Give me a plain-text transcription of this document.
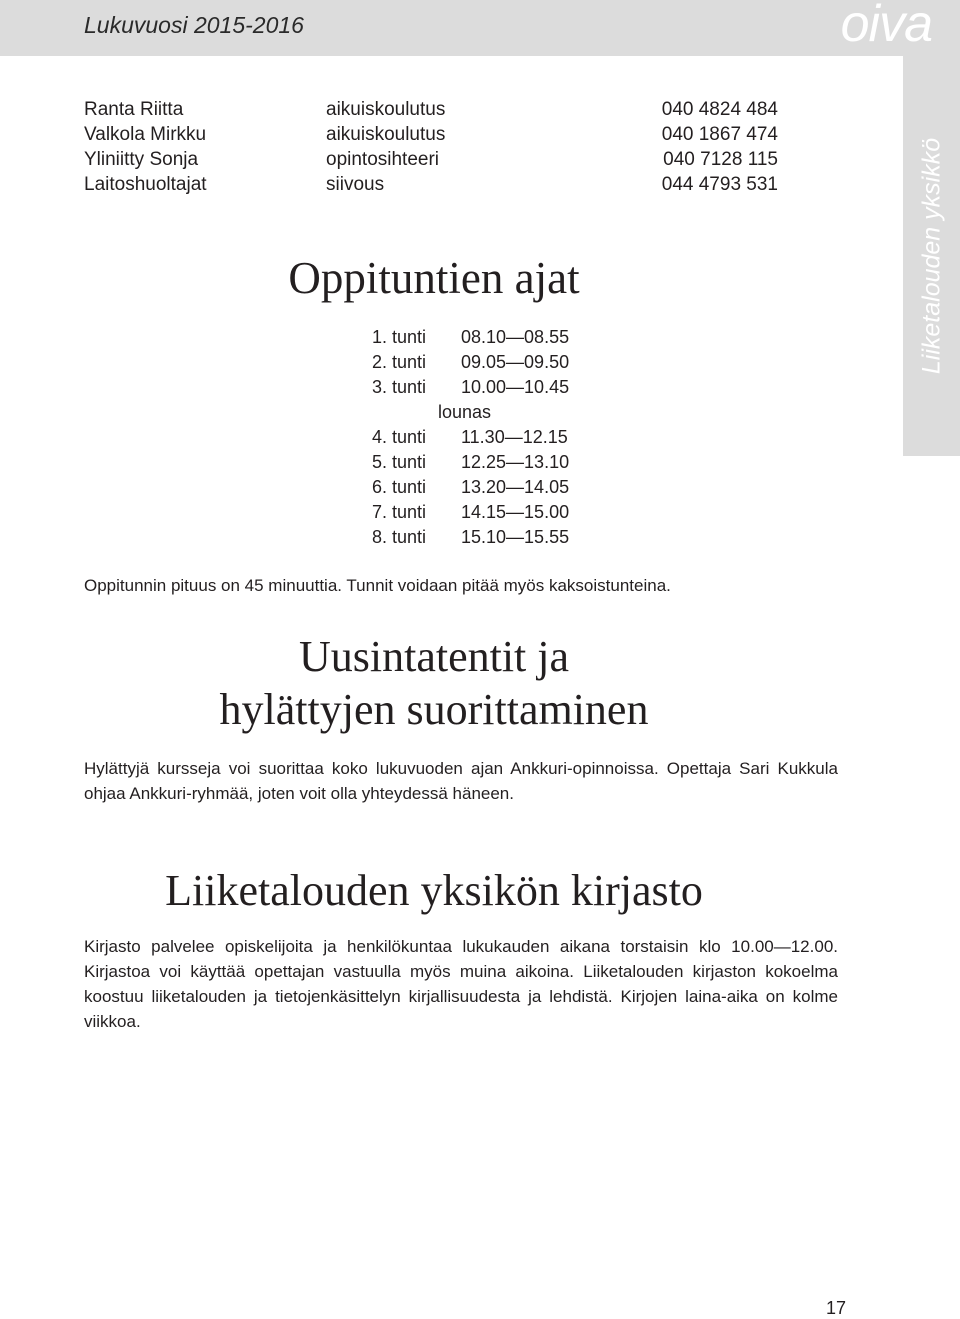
Lukuvuosi 2015-2016	oiva
Liiketalouden yksikkö
Ranta Riitta	aikuiskoulutus	040 4824 484
Valkola Mirkku	aikuiskoulutus	040 1867 474
Yliniitty Sonja	opintosihteeri	040 7128 115
Laitoshuoltajat	siivous	044 4793 531
Oppituntien ajat
1. tunti 08.10—08.55
2. tunti 09.05—09.50
3. tunti 10.00—10.45
lounas
4. tunti 11.30—12.15
5. tunti 12.25—13.10
6. tunti 13.20—14.05
7. tunti 14.15—15.00
8. tunti 15.10—15.55

Oppitunnin pituus on 45 minuuttia. Tunnit voidaan pitää myös kaksoistunteina.

Uusintatentit ja
hylättyjen suorittaminen

Hylättyjä kursseja voi suorittaa koko lukuvuoden ajan Ankkuri-opinnoissa. Opettaja Sari Kukkula ohjaa Ankkuri-ryhmää, joten voit olla yhteydessä häneen.

Liiketalouden yksikön kirjasto

Kirjasto palvelee opiskelijoita ja henkilökuntaa lukukauden aikana torstaisin klo 10.00—12.00. Kirjastoa voi käyttää opettajan vastuulla myös muina aikoina. Liiketalouden kirjaston kokoelma koostuu liiketalouden ja tietojenkäsittelyn kirjallisuudesta ja lehdistä. Kirjojen laina-aika on kolme viikkoa.

17
